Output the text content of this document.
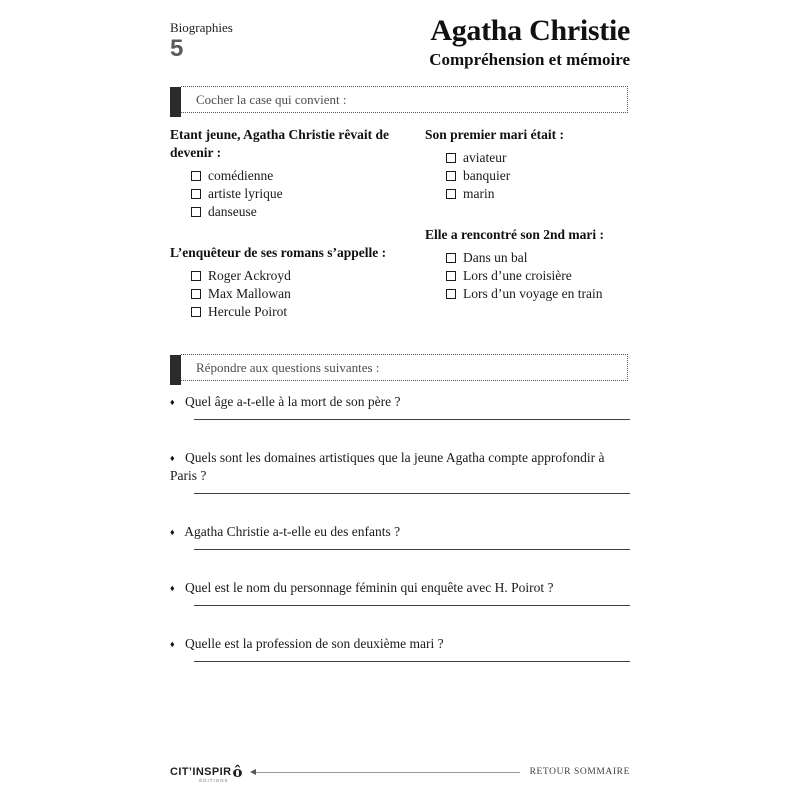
Biographies
5
Agatha Christie
Compréhension et mémoire
Cocher la case qui convient :
Etant jeune, Agatha Christie rêvait de devenir :
comédienne
artiste lyrique
danseuse
L’enquêteur de ses romans s’appelle :
Roger Ackroyd
Max Mallowan
Hercule Poirot
Son premier mari était :
aviateur
banquier
marin
Elle a rencontré son 2nd mari :
Dans un bal
Lors d’une croisière
Lors d’un voyage en train
Répondre aux questions suivantes :
♦ Quel âge a-t-elle à la mort de son père ?
♦ Quels sont les domaines artistiques que la jeune Agatha compte approfondir à Paris ?
♦ Agatha Christie a-t-elle eu des enfants ?
♦ Quel est le nom du personnage féminin qui enquête avec H. Poirot ?
♦ Quelle est la profession de son deuxième mari ?
CIT’INSPIR ô
ÉDITIONS
RETOUR SOMMAIRE
